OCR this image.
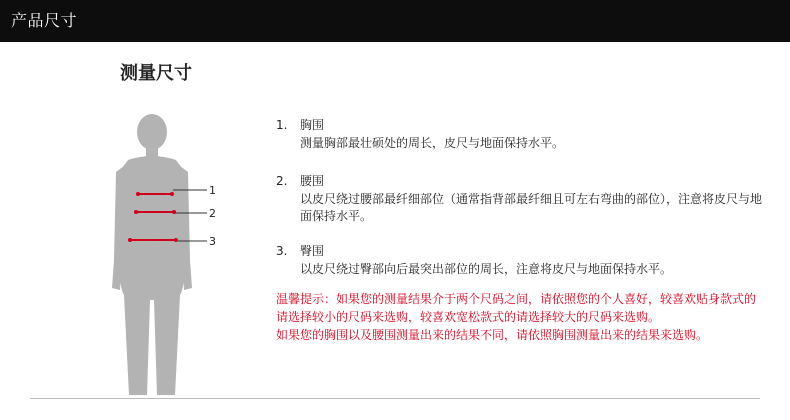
产品尺寸
测量尺寸
1
2
3
1. 胸围
测量胸部最壮硕处的周长，皮尺与地面保持水平。
2. 腰围
以皮尺绕过腰部最纤细部位（通常指背部最纤细且可左右弯曲的部位），注意将皮尺与地面保持水平。
3. 臀围
以皮尺绕过臀部向后最突出部位的周长，注意将皮尺与地面保持水平。
温馨提示：如果您的测量结果介于两个尺码之间，请依照您的个人喜好，较喜欢贴身款式的
请选择较小的尺码来选购，较喜欢宽松款式的请选择较大的尺码来选购。
如果您的胸围以及腰围测量出来的结果不同，请依照胸围测量出来的结果来选购。
